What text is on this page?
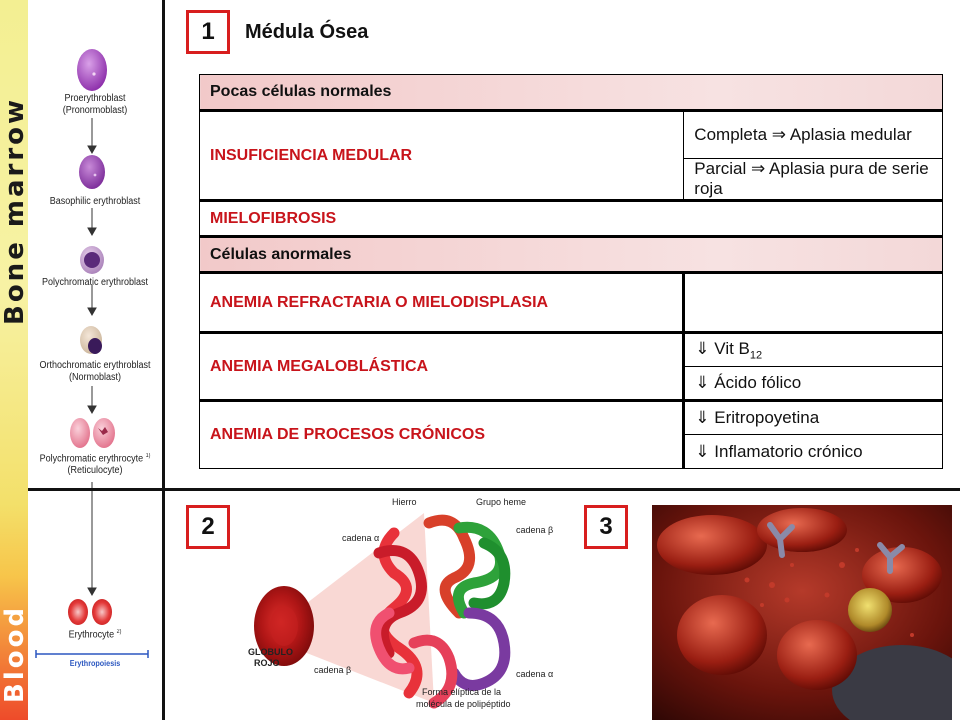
Bone marrow
Blood
Proerythroblast
(Pronormoblast)
Basophilic erythroblast
Polychromatic erythroblast
Orthochromatic erythroblast
(Normoblast)
Polychromatic erythrocyte $^{1)}$
(Reticulocyte)
Erythrocyte $^{2)}$
Erythropoiesis
1	Médula Ósea
Pocas células normales	
INSUFICIENCIA MEDULAR	Completa ⇒ Aplasia medular
	Parcial ⇒ Aplasia pura de serie roja
MIELOFIBROSIS	
Células anormales	
ANEMIA REFRACTARIA O MIELODISPLASIA	
ANEMIA MEGALOBLÁSTICA	⇓ Vit $B_{12}$
	⇓ Ácido fólico
ANEMIA DE PROCESOS CRÓNICOS	⇓ Eritropoyetina
	⇓ Inflamatorio crónico
2	3
Hierro	Grupo heme
cadena α
cadena β
cadena β	cadena α
GLOBULO
ROJO
Forma elíptica de la
molécula de polipéptido
